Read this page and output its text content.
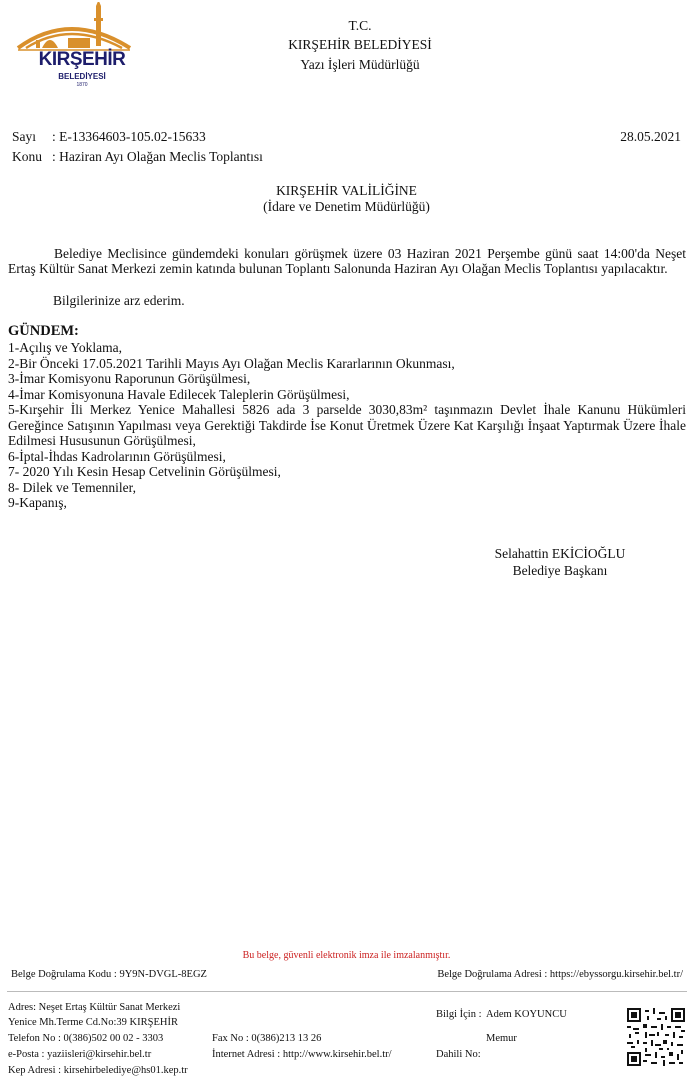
KIRŞEHİR
BELEDİYESİ
1870
T.C.
KIRŞEHİR BELEDİYESİ
Yazı İşleri Müdürlüğü
Sayı : E-13364603-105.02-15633	28.05.2021
Konu : Haziran Ayı Olağan Meclis Toplantısı
KIRŞEHİR VALİLİĞİNE
(İdare ve Denetim Müdürlüğü)
Belediye Meclisince gündemdeki konuları görüşmek üzere 03 Haziran 2021 Perşembe günü saat 14:00'da Neşet Ertaş Kültür Sanat Merkezi zemin katında bulunan Toplantı Salonunda Haziran Ayı Olağan Meclis Toplantısı yapılacaktır.
Bilgilerinize arz ederim.
GÜNDEM:
1-Açılış ve Yoklama,
2-Bir Önceki 17.05.2021 Tarihli Mayıs Ayı Olağan Meclis Kararlarının Okunması,
3-İmar Komisyonu Raporunun Görüşülmesi,
4-İmar Komisyonuna Havale Edilecek Taleplerin Görüşülmesi,
5-Kırşehir İli Merkez Yenice Mahallesi 5826 ada 3 parselde 3030,83m² taşınmazın Devlet İhale Kanunu Hükümleri Gereğince Satışının Yapılması veya Gerektiği Takdirde İse Konut Üretmek Üzere Kat Karşılığı İnşaat Yaptırmak Üzere İhale Edilmesi Hususunun Görüşülmesi,
6-İptal-İhdas Kadrolarının Görüşülmesi,
7- 2020 Yılı Kesin Hesap Cetvelinin Görüşülmesi,
8- Dilek ve Temenniler,
9-Kapanış,
Selahattin EKİCİOĞLU
Belediye Başkanı
Bu belge, güvenli elektronik imza ile imzalanmıştır.
Belge Doğrulama Kodu : 9Y9N-DVGL-8EGZ	Belge Doğrulama Adresi : https://ebyssorgu.kirsehir.bel.tr/
Adres: Neşet Ertaş Kültür Sanat Merkezi
Yenice Mh.Terme Cd.No:39 KIRŞEHİR
Telefon No : 0(386)502 00 02 - 3303	Fax No : 0(386)213 13 26
e-Posta : yaziisleri@kirsehir.bel.tr	İnternet Adresi : http://www.kirsehir.bel.tr/
Kep Adresi : kirsehirbelediye@hs01.kep.tr
Bilgi İçin : Adem KOYUNCU
Memur
Dahili No:
